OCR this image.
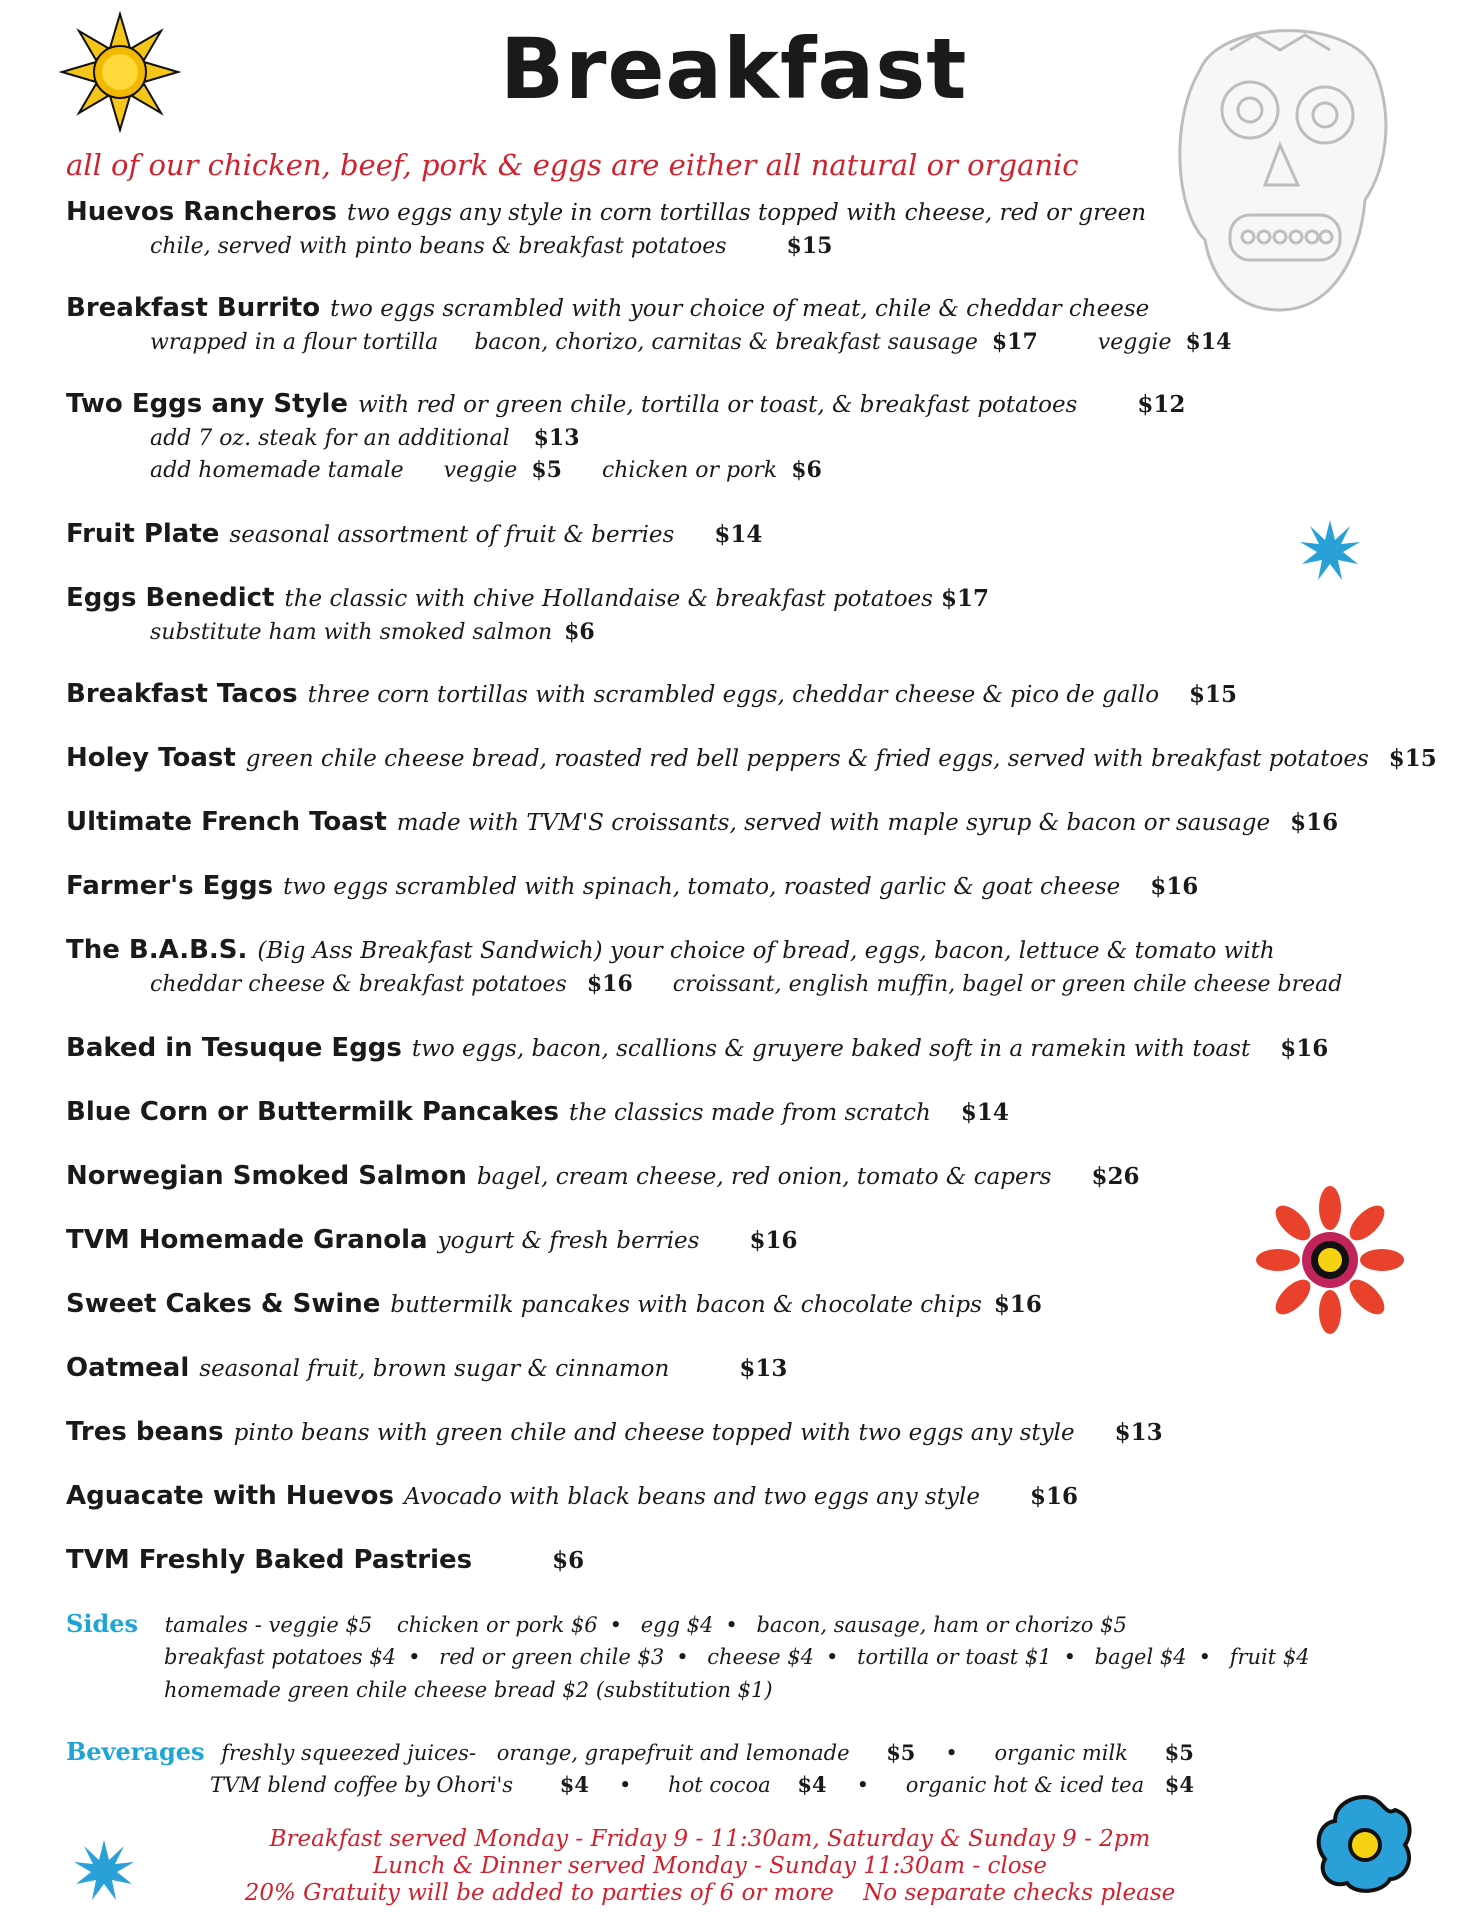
Breakfast
all of our chicken, beef, pork & eggs are either all natural or organic
Huevos Rancheros two eggs any style in corn tortillas topped with cheese, red or green
chile, served with pinto beans & breakfast potatoes	$15
Breakfast Burrito two eggs scrambled with your choice of meat, chile & cheddar cheese
wrapped in a flour tortilla bacon, chorizo, carnitas & breakfast sausage $17	veggie $14
Two Eggs any Style with red or green chile, tortilla or toast, & breakfast potatoes	$12
add 7 oz. steak for an additional $13
add homemade tamale veggie $5 chicken or pork $6
Fruit Plate seasonal assortment of fruit & berries $14
Eggs Benedict the classic with chive Hollandaise & breakfast potatoes $17
substitute ham with smoked salmon $6
Breakfast Tacos three corn tortillas with scrambled eggs, cheddar cheese & pico de gallo $15
Holey Toast green chile cheese bread, roasted red bell peppers & fried eggs, served with breakfast potatoes $15
Ultimate French Toast made with TVM'S croissants, served with maple syrup & bacon or sausage $16
Farmer's Eggs two eggs scrambled with spinach, tomato, roasted garlic & goat cheese $16
The B.A.B.S. (Big Ass Breakfast Sandwich) your choice of bread, eggs, bacon, lettuce & tomato with
cheddar cheese & breakfast potatoes $16 croissant, english muffin, bagel or green chile cheese bread
Baked in Tesuque Eggs two eggs, bacon, scallions & gruyere baked soft in a ramekin with toast $16
Blue Corn or Buttermilk Pancakes the classics made from scratch $14
Norwegian Smoked Salmon bagel, cream cheese, red onion, tomato & capers $26
TVM Homemade Granola yogurt & fresh berries $16
Sweet Cakes & Swine buttermilk pancakes with bacon & chocolate chips $16
Oatmeal seasonal fruit, brown sugar & cinnamon	$13
Tres beans pinto beans with green chile and cheese topped with two eggs any style $13
Aguacate with Huevos Avocado with black beans and two eggs any style $16
TVM Freshly Baked Pastries	$6
Sides tamales - veggie $5 chicken or pork $6 • egg $4 • bacon, sausage, ham or chorizo $5
breakfast potatoes $4 • red or green chile $3 • cheese $4 • tortilla or toast $1 • bagel $4 • fruit $4
homemade green chile cheese bread $2 (substitution $1)
Beverages freshly squeezed juices- orange, grapefruit and lemonade $5 • organic milk $5
TVM blend coffee by Ohori's $4 • hot cocoa $4 • organic hot & iced tea $4
Breakfast served Monday - Friday 9 - 11:30am, Saturday & Sunday 9 - 2pm
Lunch & Dinner served Monday - Sunday 11:30am - close
20% Gratuity will be added to parties of 6 or more    No separate checks please
